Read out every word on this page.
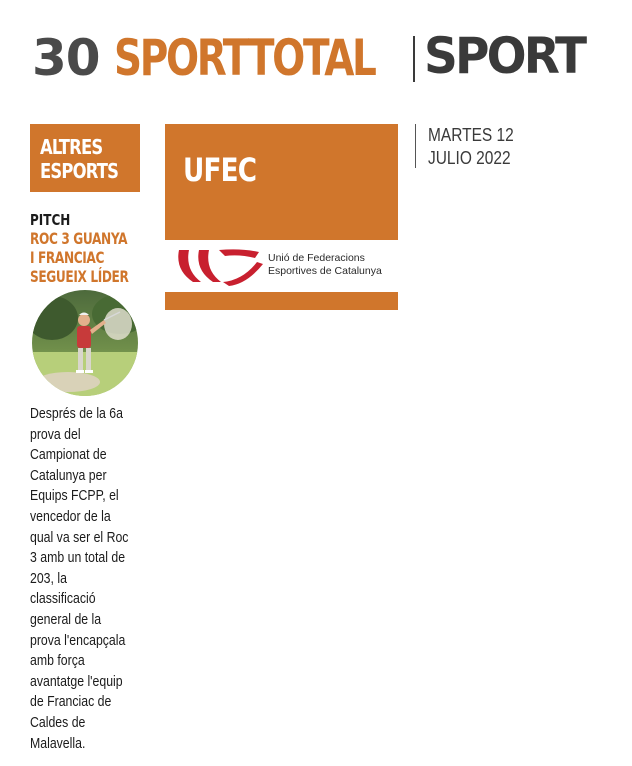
30 SPORTTOTAL SPORT
ALTRES
ESPORTS
PITCH
ROC 3 GUANYA
I FRANCIAC
SEGUEIX LÍDER
Després de la 6a
prova del
Campionat de
Catalunya per
Equips FCPP, el
vencedor de la
qual va ser el Roc
3 amb un total de
203, la
classificació
general de la
prova l'encapçala
amb força
avantatge l'equip
de Franciac de
Caldes de
Malavella.
UFEC
Unió de Federacions
Esportives de Catalunya
MARTES 12
JULIO 2022
